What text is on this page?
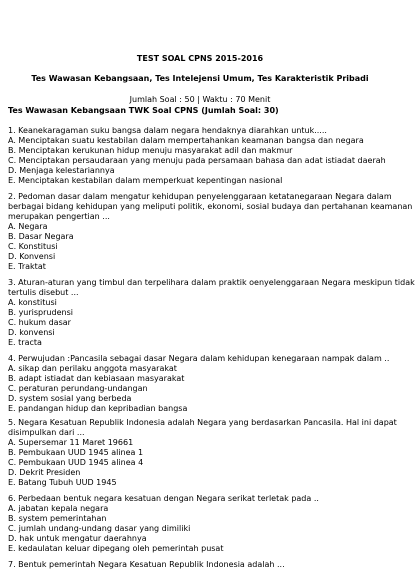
TEST SOAL CPNS 2015-2016
Tes Wawasan Kebangsaan, Tes Intelejensi Umum, Tes Karakteristik Pribadi
Jumlah Soal : 50 | Waktu : 70 Menit
Tes Wawasan Kebangsaan TWK Soal CPNS (Jumlah Soal: 30)
1. Keanekaragaman suku bangsa dalam negara hendaknya diarahkan untuk.....
A. Menciptakan suatu kestabilan dalam mempertahankan keamanan bangsa dan negara
B. Menciptakan kerukunan hidup menuju masyarakat adil dan makmur
C. Menciptakan persaudaraan yang menuju pada persamaan bahasa dan adat istiadat daerah
D. Menjaga kelestariannya
E. Menciptakan kestabilan dalam memperkuat kepentingan nasional
2. Pedoman dasar dalam mengatur kehidupan penyelenggaraan ketatanegaraan Negara dalam
berbagai bidang kehidupan yang meliputi politik, ekonomi, sosial budaya dan pertahanan keamanan
merupakan pengertian ...
A. Negara
B. Dasar Negara
C. Konstitusi
D. Konvensi
E. Traktat
3. Aturan-aturan yang timbul dan terpelihara dalam praktik oenyelenggaraan Negara meskipun tidak
tertulis disebut ...
A. konstitusi
B. yurisprudensi
C. hukum dasar
D. konvensi
E. tracta
4. Perwujudan :Pancasila sebagai dasar Negara dalam kehidupan kenegaraan nampak dalam ..
A. sikap dan perilaku anggota masyarakat
B. adapt istiadat dan kebiasaan masyarakat
C. peraturan perundang-undangan
D. system sosial yang berbeda
E. pandangan hidup dan kepribadian bangsa
5. Negara Kesatuan Republik Indonesia adalah Negara yang berdasarkan Pancasila. Hal ini dapat
disimpulkan dari ...
A. Supersemar 11 Maret 19661
B. Pembukaan UUD 1945 alinea 1
C. Pembukaan UUD 1945 alinea 4
D. Dekrit Presiden
E. Batang Tubuh UUD 1945
6. Perbedaan bentuk negara kesatuan dengan Negara serikat terletak pada ..
A. jabatan kepala negara
B. system pemerintahan
C. jumlah undang-undang dasar yang dimiliki
D. hak untuk mengatur daerahnya
E. kedaulatan keluar dipegang oleh pemerintah pusat
7. Bentuk pemerintah Negara Kesatuan Republik Indonesia adalah ...
